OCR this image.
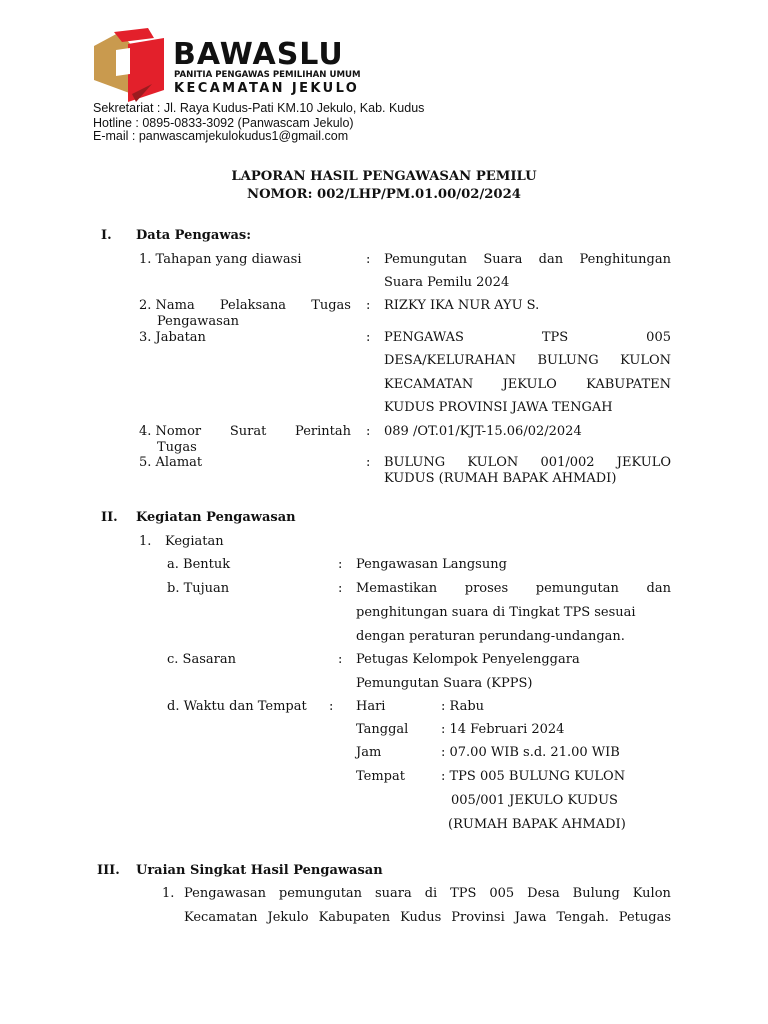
BAWASLU
PANITIA PENGAWAS PEMILIHAN UMUM
KECAMATAN JEKULO
Sekretariat : Jl. Raya Kudus-Pati KM.10 Jekulo, Kab. Kudus
Hotline : 0895-0833-3092 (Panwascam Jekulo)
E-mail : panwascamjekulokudus1@gmail.com
LAPORAN HASIL PENGAWASAN PEMILU
NOMOR: 002/LHP/PM.01.00/02/2024
I. Data Pengawas:
1. Tahapan yang diawasi	: Pemungutan Suara dan Penghitungan
Suara Pemilu 2024
2. Nama Pelaksana Tugas
Pengawasan
: RIZKY IKA NUR AYU S.
3. Jabatan	: PENGAWAS	TPS	005
DESA/KELURAHAN BULUNG KULON
KECAMATAN JEKULO KABUPATEN
KUDUS PROVINSI JAWA TENGAH
4. Nomor Surat Perintah
Tugas
: 089 /OT.01/KJT-15.06/02/2024
5. Alamat	: BULUNG KULON 001/002 JEKULO
KUDUS (RUMAH BAPAK AHMADI)
II. Kegiatan Pengawasan
1. Kegiatan
a. Bentuk	: Pengawasan Langsung
b. Tujuan	: Memastikan proses pemungutan dan
penghitungan suara di Tingkat TPS sesuai
dengan peraturan perundang-undangan.
c. Sasaran	: Petugas Kelompok Penyelenggara
Pemungutan Suara (KPPS)
d. Waktu dan Tempat : Hari	: Rabu
Tanggal	: 14 Februari 2024
Jam	: 07.00 WIB s.d. 21.00 WIB
Tempat	: TPS 005 BULUNG KULON
005/001 JEKULO KUDUS
(RUMAH BAPAK AHMADI)
III. Uraian Singkat Hasil Pengawasan
1. Pengawasan pemungutan suara di TPS 005 Desa Bulung Kulon
Kecamatan Jekulo Kabupaten Kudus Provinsi Jawa Tengah. Petugas
